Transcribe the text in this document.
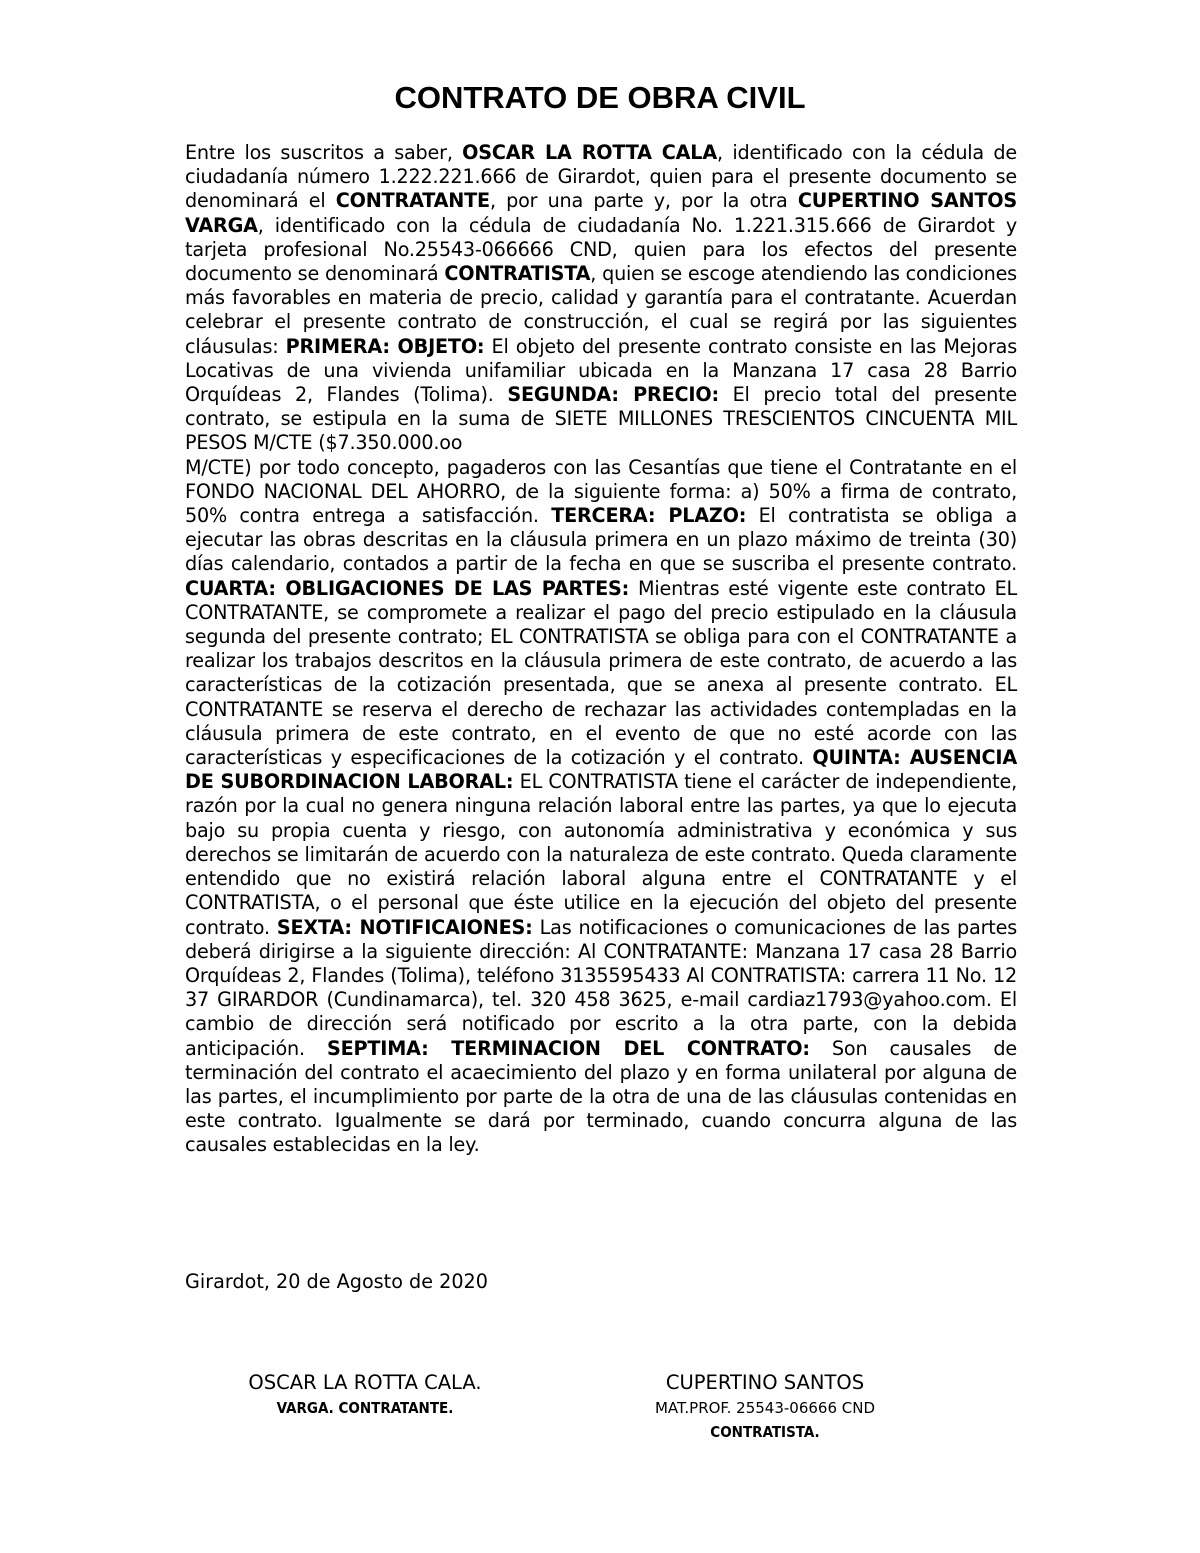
CONTRATO DE OBRA CIVIL

Entre los suscritos a saber, OSCAR LA ROTTA CALA, identificado con la cédula de ciudadanía número 1.222.221.666 de Girardot, quien para el presente documento se denominará el CONTRATANTE, por una parte y, por la otra CUPERTINO SANTOS VARGA, identificado con la cédula de ciudadanía No. 1.221.315.666 de Girardot y tarjeta profesional No.25543-066666 CND, quien para los efectos del presente documento se denominará CONTRATISTA, quien se escoge atendiendo las condiciones más favorables en materia de precio, calidad y garantía para el contratante. Acuerdan celebrar el presente contrato de construcción, el cual se regirá por las siguientes cláusulas: PRIMERA: OBJETO: El objeto del presente contrato consiste en las Mejoras Locativas de una vivienda unifamiliar ubicada en la Manzana 17 casa 28 Barrio Orquídeas 2, Flandes (Tolima). SEGUNDA: PRECIO: El precio total del presente contrato, se estipula en la suma de SIETE MILLONES TRESCIENTOS CINCUENTA MIL PESOS M/CTE ($7.350.000.oo

M/CTE) por todo concepto, pagaderos con las Cesantías que tiene el Contratante en el FONDO NACIONAL DEL AHORRO, de la siguiente forma: a) 50% a firma de contrato, 50% contra entrega a satisfacción. TERCERA: PLAZO: El contratista se obliga a ejecutar las obras descritas en la cláusula primera en un plazo máximo de treinta (30) días calendario, contados a partir de la fecha en que se suscriba el presente contrato. CUARTA: OBLIGACIONES DE LAS PARTES: Mientras esté vigente este contrato EL CONTRATANTE, se compromete a realizar el pago del precio estipulado en la cláusula segunda del presente contrato; EL CONTRATISTA se obliga para con el CONTRATANTE a realizar los trabajos descritos en la cláusula primera de este contrato, de acuerdo a las características de la cotización presentada, que se anexa al presente contrato. EL CONTRATANTE se reserva el derecho de rechazar las actividades contempladas en la cláusula primera de este contrato, en el evento de que no esté acorde con las características y especificaciones de la cotización y el contrato. QUINTA: AUSENCIA DE SUBORDINACION LABORAL: EL CONTRATISTA tiene el carácter de independiente, razón por la cual no genera ninguna relación laboral entre las partes, ya que lo ejecuta bajo su propia cuenta y riesgo, con autonomía administrativa y económica y sus derechos se limitarán de acuerdo con la naturaleza de este contrato. Queda claramente entendido que no existirá relación laboral alguna entre el CONTRATANTE y el CONTRATISTA, o el personal que éste utilice en la ejecución del objeto del presente contrato. SEXTA: NOTIFICAIONES: Las notificaciones o comunicaciones de las partes deberá dirigirse a la siguiente dirección: Al CONTRATANTE: Manzana 17 casa 28 Barrio Orquídeas 2, Flandes (Tolima), teléfono 3135595433 Al CONTRATISTA: carrera 11 No. 12 37 GIRARDOR (Cundinamarca), tel. 320 458 3625, e-mail cardiaz1793@yahoo.com. El cambio de dirección será notificado por escrito a la otra parte, con la debida anticipación. SEPTIMA: TERMINACION DEL CONTRATO: Son causales de terminación del contrato el acaecimiento del plazo y en forma unilateral por alguna de las partes, el incumplimiento por parte de la otra de una de las cláusulas contenidas en este contrato. Igualmente se dará por terminado, cuando concurra alguna de las causales establecidas en la ley.

Girardot, 20 de Agosto de 2020

OSCAR LA ROTTA CALA.
VARGA. CONTRATANTE.
CUPERTINO SANTOS
MAT.PROF. 25543-06666 CND
CONTRATISTA.
